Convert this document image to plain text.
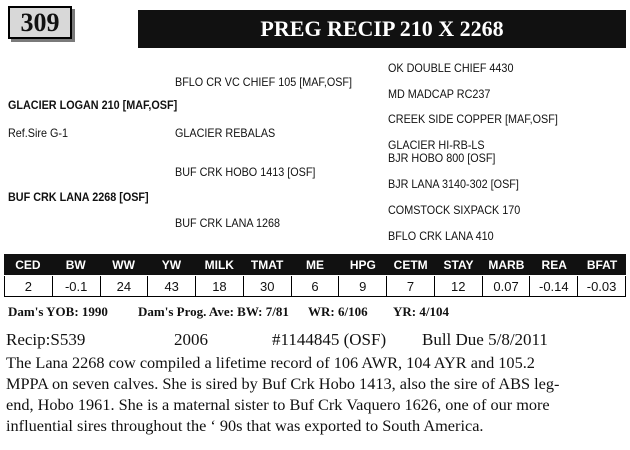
309	PREG RECIP 210 X 2268
GLACIER LOGAN 210 [MAF,OSF]
Ref.Sire G-1
BUF CRK LANA 2268 [OSF]
BFLO CR VC CHIEF 105 [MAF,OSF]
GLACIER REBALAS
BUF CRK HOBO 1413 [OSF]
BUF CRK LANA 1268
OK DOUBLE CHIEF 4430
MD MADCAP RC237
CREEK SIDE COPPER [MAF,OSF]
GLACIER HI-RB-LS
BJR HOBO 800 [OSF]
BJR LANA 3140-302 [OSF]
COMSTOCK SIXPACK 170
BFLO CRK LANA 410
CED	BW	WW	YW	MILK	TMAT	ME	HPG	CETM	STAY	MARB	REA	BFAT
2	-0.1	24	43	18	30	6	9	7	12	0.07	-0.14	-0.03
Dam's YOB: 1990 Dam's Prog. Ave: BW: 7/81 WR: 6/106 YR: 4/104
Recip:S539	2006	#1144845 (OSF) Bull Due 5/8/2011
The Lana 2268 cow compiled a lifetime record of 106 AWR, 104 AYR and 105.2
MPPA on seven calves. She is sired by Buf Crk Hobo 1413, also the sire of ABS leg-
end, Hobo 1961. She is a maternal sister to Buf Crk Vaquero 1626, one of our more
influential sires throughout the ‘ 90s that was exported to South America.
